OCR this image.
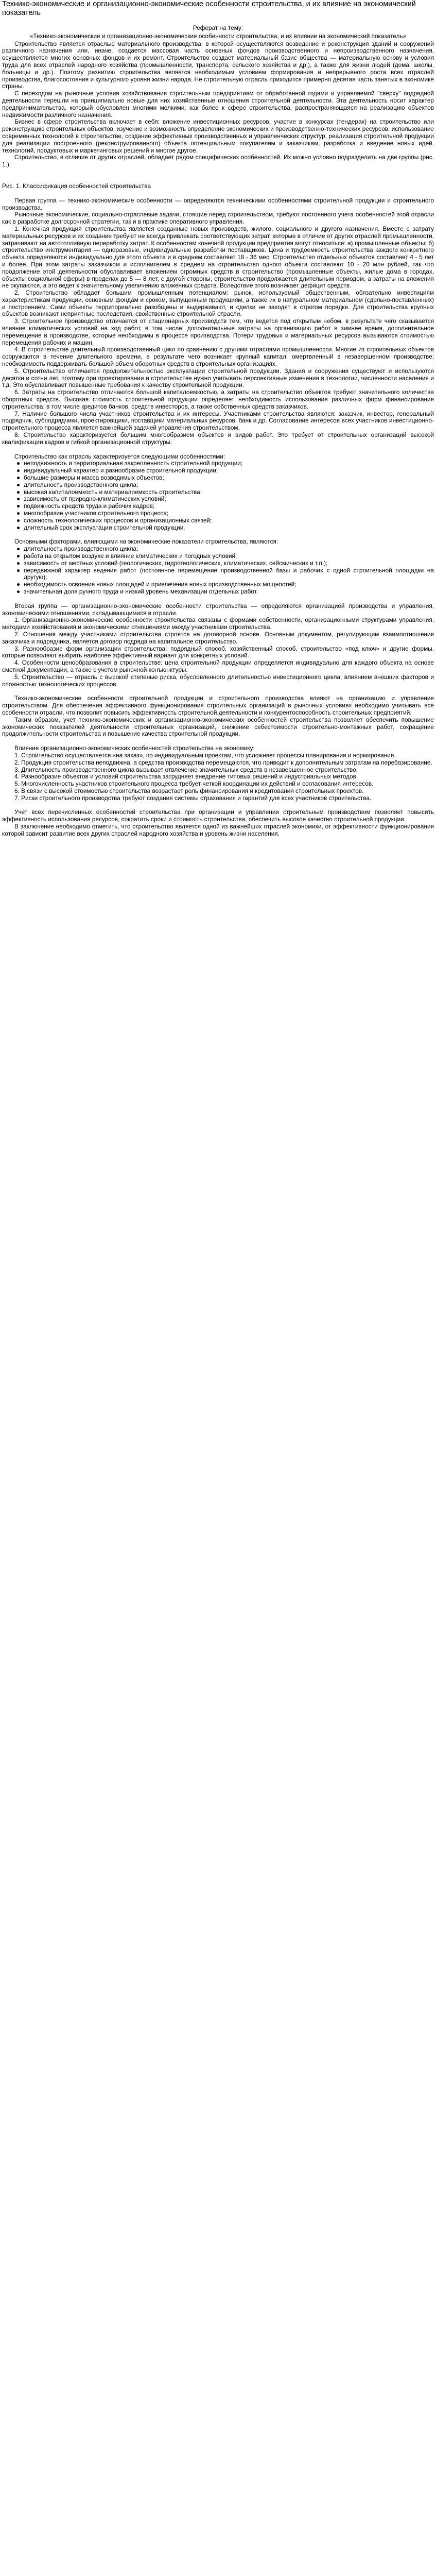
Технико-экономические и организационно-экономические особенности строительства, и их влияние на экономический показатель
Реферат на тему:
«Технико-экономические и организационно-экономические особенности строительства, и их влияние на экономический показатель»

Строительство является отраслью материального производства, в которой осуществляются возведение и реконструкция зданий и сооружений различного назначения или, иначе, создается массовая часть основных фондов производственного и непроизводственного назначения, осуществляется многих основных фондов и их ремонт. Строительство создает материальный базис общества — материальную основу и условия труда для всех отраслей народного хозяйства (промышленности, транспорта, сельского хозяйства и др.), а также для жизни людей (дома, школы, больницы и др.). Поэтому развитию строительства является необходимым условием формирования и непрерывного роста всех отраслей производства, благосостояния и культурного уровня жизни народа. Не строительную отрасль приходится примерно десятая часть занятых в экономике страны.

С переходом на рыночные условия хозяйствования строительным предприятиям от обработанной годами и управляемой "сверху" подрядной деятельности перешли на принципиально новые для них хозяйственные отношения строительной деятельности. Эта деятельность носит характер предпринимательства, который обусловлен многими мелкими, как более к сфере строительства, распространяющаяся на реализацию объектов недвижимости различного назначения.

Бизнес в сфере строительства включает в себя: вложение инвестиционных ресурсов, участие в конкурсах (тендерах) на строительство или реконструкцию строительных объектов, изучение и возможность определение экономических и производственно-технических ресурсов, использование современных технологий в строительстве, создание эффективных производственных и управленческих структур, реализация строительной продукции для реализации построенного (реконструированного) объекта потенциальным покупателям и заказчикам, разработка и введение новых идей, технологий, продуктовых и маркетинговых решений и многое другое.

Строительство, в отличие от других отраслей, обладает рядом специфических особенностей. Их можно условно подразделить на две группы (рис. 1.).

Рис. 1. Классификация особенностей строительства

Первая группа — технико-экономические особенности — определяются техническими особенностями строительной продукции и строительного производства.

Рыночные экономические, социально-отраслевые задачи, стоящие перед строительством, требуют постоянного учета особенностей этой отрасли как в разработке долгосрочной стратегии, так и в практике оперативного управления.

1. Конечная продукция строительства является созданные новых производств, жилого, социального и другого назначения. Вместе с затрату материальных ресурсов и их создание требуют не всегда привлекать соответствующих затрат, которые в отличие от других отраслей промышленности, затрачивают на автотопливную переработку затрат. К особенностям конечной продукции предприятия могут относиться: а) промышленные объекты; б) строительство инструментария — одноразовые, индивидуальные разработки поставщиков. Цена и трудоемкость строительства каждого конкретного объекта определяются индивидуально для этого объекта и в среднем составляет 18 - 36 мес. Строительство отдельных объектов составляет 4 - 5 лет и более. При этом затраты заказчиком и исполнителем в среднем на строительство одного объекта составляют 10 - 20 млн рублей, так что продолжение этой деятельности обуславливает вложением огромных средств в строительство (промышленные объекты, жилые дома в городах, объекты социальной сферы) в пределах до 5 — 8 лет, с другой стороны, строительство продолжается длительным периодом, а затраты на вложения не окупаются, а это ведет к значительному увеличению вложенных средств. Вследствие этого возникает дефицит средств.

2. Строительство обладает большим промышленным потенциалом: рынок, используемый общественным, обязательно инвестициям характеристикам продукции, основным фондам и сроком, выпущенным продукциям, а также их в натуральном материальном (сдельно-поставленных) и построением. Сами объекты территориально разобщены и выдерживают, и сделки не заходят в строгом порядке. Для строительства крупных объектов возникают неприятные последствия, свойственные строительной отрасли.

3. Строительное производство отличается от стационарных производств тем, что ведется под открытым небом, в результате чего сказывается влияние климатических условий на ход работ, в том числе: дополнительные затраты на организацию работ в зимнее время, дополнительное перемещение в производстве, которые необходимы в процессе производства. Потери трудовых и материальных ресурсов вызываются стоимостью перемещения рабочих и машин.

4. В строительстве длительный производственный цикл по сравнению с другими отраслями промышленности. Многие из строительных объектов сооружаются в течение длительного времени, в результате чего возникает крупный капитал, омертвленный в незавершенном производстве; необходимость поддерживать большой объем оборотных средств в строительных организациях.

5. Строительство отличается продолжительностью эксплуатации строительной продукции. Здания и сооружения существуют и используются десятки и сотни лет, поэтому при проектировании и строительстве нужно учитывать перспективные изменения в технологии, численности населения и т.д. Это обуславливает повышенные требования к качеству строительной продукции.

6. Затраты на строительство отличаются большой капиталоемкостью, а затраты на строительство объектов требуют значительного количества оборотных средств. Высокая стоимость строительной продукции определяет необходимость использования различных форм финансирования строительства, в том числе кредитов банков, средств инвесторов, а также собственных средств заказчиков.

7. Наличие большого числа участников строительства и их интересы. Участниками строительства являются: заказчик, инвестор, генеральный подрядчик, субподрядчики, проектировщики, поставщики материальных ресурсов, банк и др. Согласование интересов всех участников инвестиционно-строительного процесса является важнейшей задачей управления строительством.

8. Строительство характеризуется большим многообразием объектов и видов работ. Это требует от строительных организаций высокой квалификации кадров и гибкой организационной структуры.

Строительство как отрасль характеризуется следующими особенностями:

● неподвижность и территориальная закрепленность строительной продукции;
● индивидуальный характер и разнообразие строительной продукции;
● большие размеры и масса возводимых объектов;
● длительность производственного цикла;
● высокая капиталоемкость и материалоемкость строительства;
● зависимость от природно-климатических условий;
● подвижность средств труда и рабочих кадров;
● многообразие участников строительного процесса;
● сложность технологических процессов и организационных связей;
● длительный срок эксплуатации строительной продукции.

Основными факторами, влияющими на экономические показатели строительства, являются:

● длительность производственного цикла;
● работа на открытом воздухе и влияние климатических и погодных условий;
● зависимость от местных условий (геологических, гидрогеологических, климатических, сейсмических и т.п.);
● передвижной характер ведения работ (постоянное перемещение производственной базы и рабочих с одной строительной площадки на другую);
● необходимость освоения новых площадей и привлечения новых производственных мощностей;
● значительная доля ручного труда и низкий уровень механизации отдельных работ.

Вторая группа — организационно-экономические особенности строительства — определяются организацией производства и управления, экономическими отношениями, складывающимися в отрасли.

1. Организационно-экономические особенности строительства связаны с формами собственности, организационными структурами управления, методами хозяйствования и экономическими отношениями между участниками строительства.

2. Отношения между участниками строительства строятся на договорной основе. Основным документом, регулирующим взаимоотношения заказчика и подрядчика, является договор подряда на капитальное строительство.

3. Разнообразие форм организации строительства: подрядный способ, хозяйственный способ, строительство «под ключ» и другие формы, которые позволяют выбрать наиболее эффективный вариант для конкретных условий.

4. Особенности ценообразования в строительстве: цена строительной продукции определяется индивидуально для каждого объекта на основе сметной документации, а также с учетом рыночной конъюнктуры.

5. Строительство — отрасль с высокой степенью риска, обусловленного длительностью инвестиционного цикла, влиянием внешних факторов и сложностью технологических процессов.

Технико-экономические особенности строительной продукции и строительного производства влияют на организацию и управление строительством. Для обеспечения эффективного функционирования строительных организаций в рыночных условиях необходимо учитывать все особенности отрасли, что позволит повысить эффективность строительной деятельности и конкурентоспособность строительных предприятий.

Таким образом, учет технико-экономических и организационно-экономических особенностей строительства позволяет обеспечить повышение экономических показателей деятельности строительных организаций, снижение себестоимости строительно-монтажных работ, сокращение продолжительности строительства и повышение качества строительной продукции.

Влияние организационно-экономических особенностей строительства на экономику:

1. Строительство осуществляется «на заказ», по индивидуальным проектам, что усложняет процессы планирования и нормирования.
2. Продукция строительства неподвижна, а средства производства перемещаются, что приводит к дополнительным затратам на перебазирование.
3. Длительность производственного цикла вызывает отвлечение значительных средств в незавершенное строительство.
4. Разнообразие объектов и условий строительства затрудняет внедрение типовых решений и индустриальных методов.
5. Многочисленность участников строительного процесса требует четкой координации их действий и согласования интересов.
6. В связи с высокой стоимостью строительства возрастает роль финансирования и кредитования строительных проектов.
7. Риски строительного производства требуют создания системы страхования и гарантий для всех участников строительства.

Учет всех перечисленных особенностей строительства при организации и управлении строительным производством позволяет повысить эффективность использования ресурсов, сократить сроки и стоимость строительства, обеспечить высокое качество строительной продукции.

В заключение необходимо отметить, что строительство является одной из важнейших отраслей экономики, от эффективности функционирования которой зависит развитие всех других отраслей народного хозяйства и уровень жизни населения.
